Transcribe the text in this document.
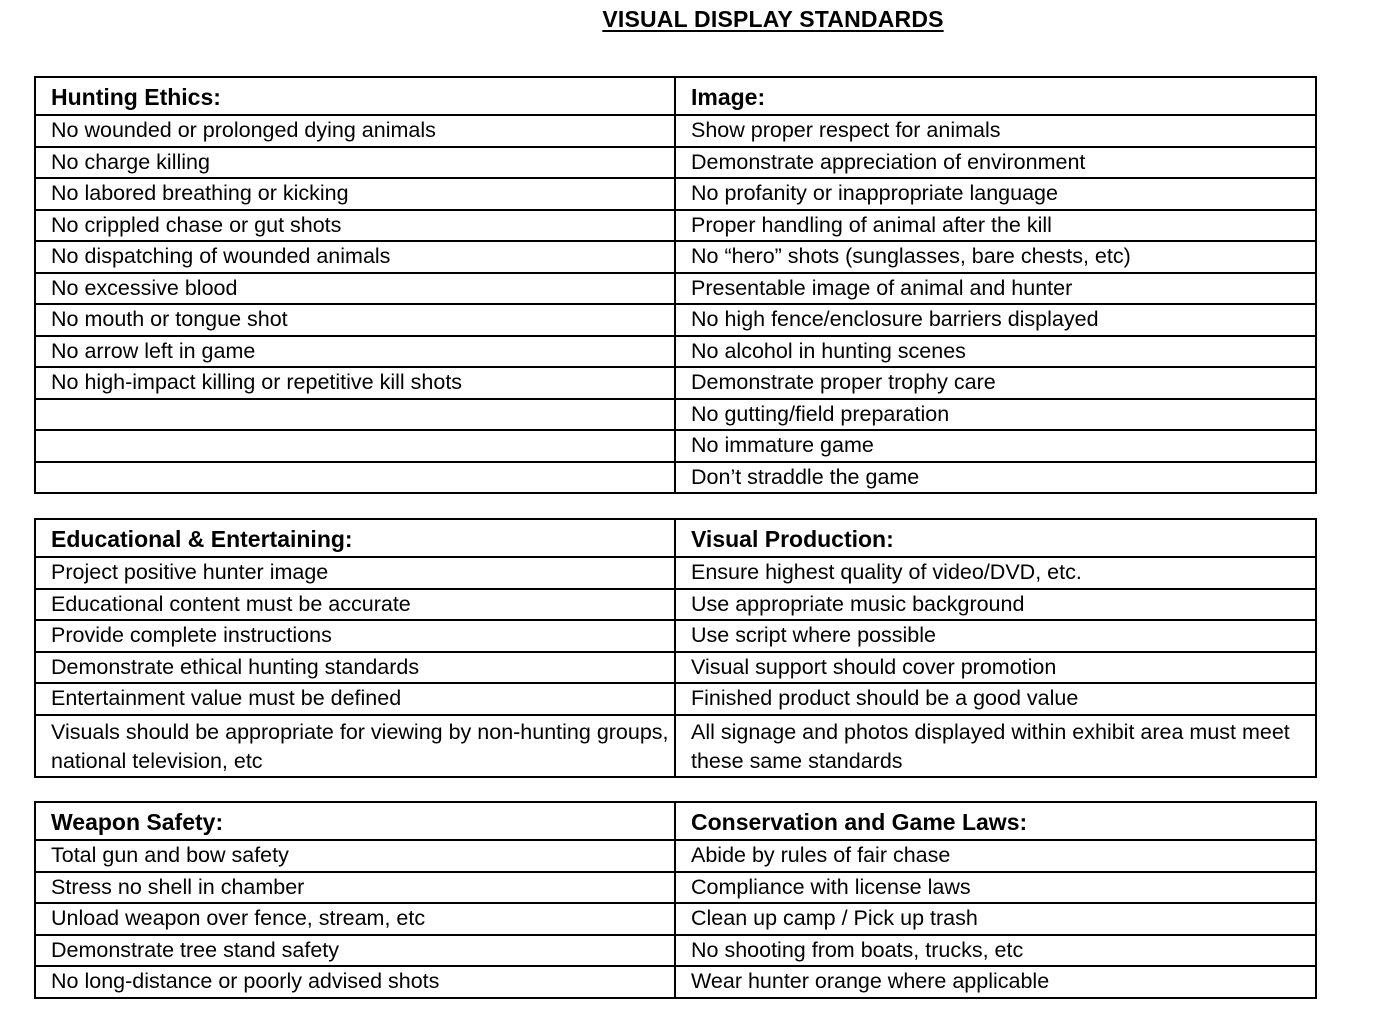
VISUAL DISPLAY STANDARDS
Hunting Ethics:	Image:
No wounded or prolonged dying animals	Show proper respect for animals
No charge killing	Demonstrate appreciation of environment
No labored breathing or kicking	No profanity or inappropriate language
No crippled chase or gut shots	Proper handling of animal after the kill
No dispatching of wounded animals	No “hero” shots (sunglasses, bare chests, etc)
No excessive blood	Presentable image of animal and hunter
No mouth or tongue shot	No high fence/enclosure barriers displayed
No arrow left in game	No alcohol in hunting scenes
No high-impact killing or repetitive kill shots	Demonstrate proper trophy care
	No gutting/field preparation
	No immature game
	Don’t straddle the game
Educational & Entertaining:	Visual Production:
Project positive hunter image	Ensure highest quality of video/DVD, etc.
Educational content must be accurate	Use appropriate music background
Provide complete instructions	Use script where possible
Demonstrate ethical hunting standards	Visual support should cover promotion
Entertainment value must be defined	Finished product should be a good value
Visuals should be appropriate for viewing by non-hunting groups, national television, etc	All signage and photos displayed within exhibit area must meet these same standards
Weapon Safety:	Conservation and Game Laws:
Total gun and bow safety	Abide by rules of fair chase
Stress no shell in chamber	Compliance with license laws
Unload weapon over fence, stream, etc	Clean up camp / Pick up trash
Demonstrate tree stand safety	No shooting from boats, trucks, etc
No long-distance or poorly advised shots	Wear hunter orange where applicable
